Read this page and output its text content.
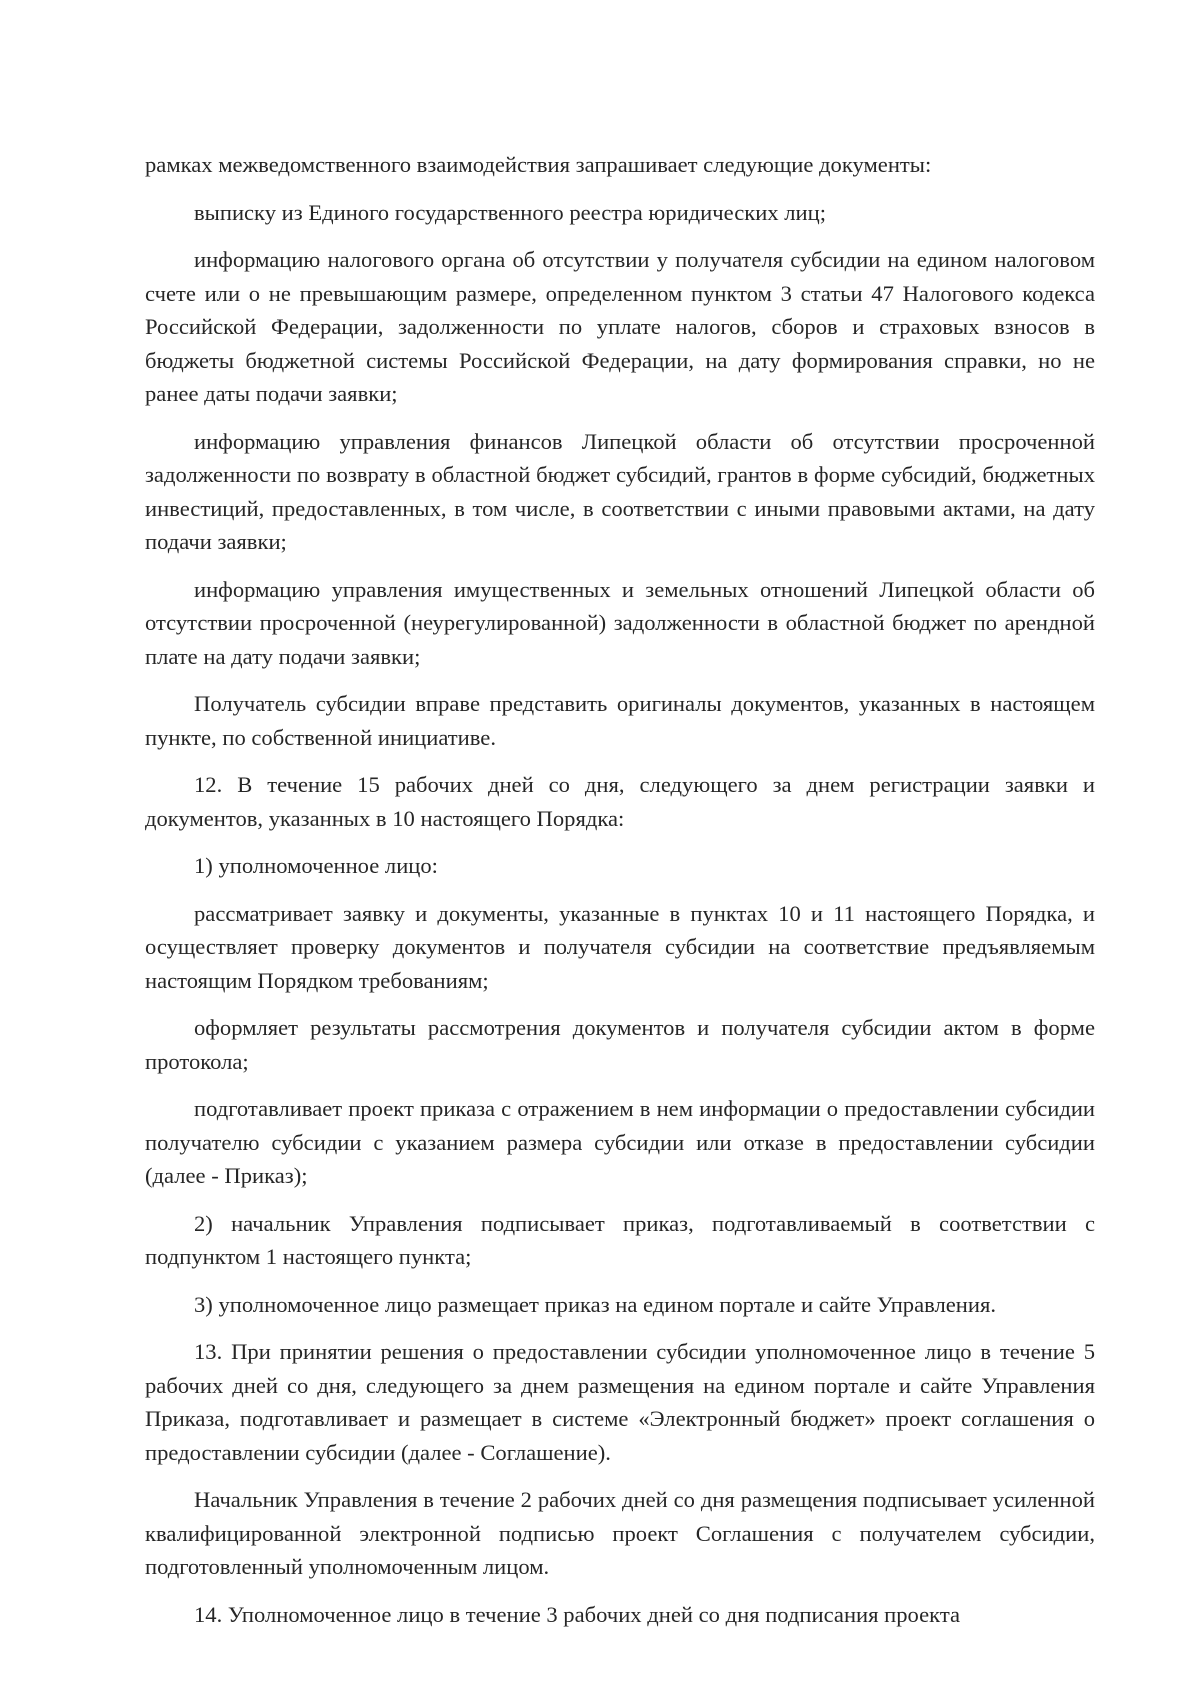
рамках межведомственного взаимодействия запрашивает следующие документы:

выписку из Единого государственного реестра юридических лиц;

информацию налогового органа об отсутствии у получателя субсидии на едином налоговом счете или о не превышающим размере, определенном пунктом 3 статьи 47 Налогового кодекса Российской Федерации, задолженности по уплате налогов, сборов и страховых взносов в бюджеты бюджетной системы Российской Федерации, на дату формирования справки, но не ранее даты подачи заявки;

информацию управления финансов Липецкой области об отсутствии просроченной задолженности по возврату в областной бюджет субсидий, грантов в форме субсидий, бюджетных инвестиций, предоставленных, в том числе, в соответствии с иными правовыми актами, на дату подачи заявки;

информацию управления имущественных и земельных отношений Липецкой области об отсутствии просроченной (неурегулированной) задолженности в областной бюджет по арендной плате на дату подачи заявки;

Получатель субсидии вправе представить оригиналы документов, указанных в настоящем пункте, по собственной инициативе.

12. В течение 15 рабочих дней со дня, следующего за днем регистрации заявки и документов, указанных в 10 настоящего Порядка:

1) уполномоченное лицо:

рассматривает заявку и документы, указанные в пунктах 10 и 11 настоящего Порядка, и осуществляет проверку документов и получателя субсидии на соответствие предъявляемым настоящим Порядком требованиям;

оформляет результаты рассмотрения документов и получателя субсидии актом в форме протокола;

подготавливает проект приказа с отражением в нем информации о предоставлении субсидии получателю субсидии с указанием размера субсидии или отказе в предоставлении субсидии (далее - Приказ);

2) начальник Управления подписывает приказ, подготавливаемый в соответствии с подпунктом 1 настоящего пункта;

3) уполномоченное лицо размещает приказ на едином портале и сайте Управления.

13. При принятии решения о предоставлении субсидии уполномоченное лицо в течение 5 рабочих дней со дня, следующего за днем размещения на едином портале и сайте Управления Приказа, подготавливает и размещает в системе «Электронный бюджет» проект соглашения о предоставлении субсидии (далее - Соглашение).

Начальник Управления в течение 2 рабочих дней со дня размещения подписывает усиленной квалифицированной электронной подписью проект Соглашения с получателем субсидии, подготовленный уполномоченным лицом.

14. Уполномоченное лицо в течение 3 рабочих дней со дня подписания проекта
